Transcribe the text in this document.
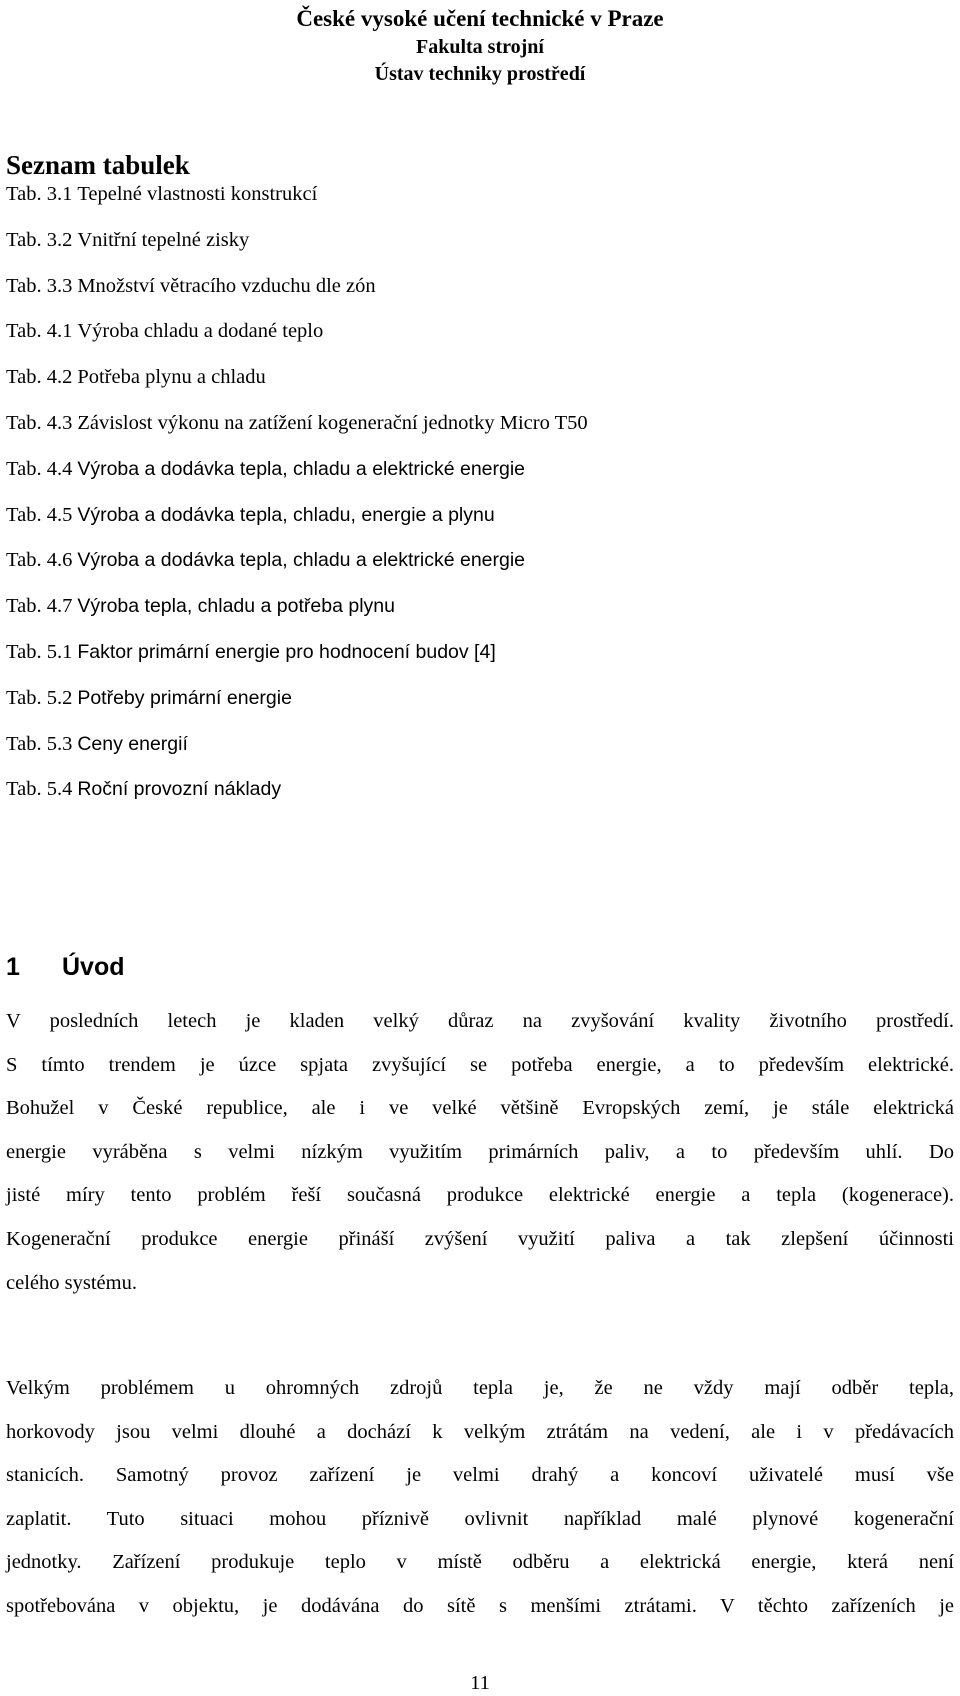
České vysoké učení technické v Praze
Fakulta strojní
Ústav techniky prostředí
Seznam tabulek
Tab. 3.1 Tepelné vlastnosti konstrukcí
Tab. 3.2 Vnitřní tepelné zisky
Tab. 3.3 Množství větracího vzduchu dle zón
Tab. 4.1 Výroba chladu a dodané teplo
Tab. 4.2 Potřeba plynu a chladu
Tab. 4.3 Závislost výkonu na zatížení kogenerační jednotky Micro T50
Tab. 4.4 Výroba a dodávka tepla, chladu a elektrické energie
Tab. 4.5 Výroba a dodávka tepla, chladu, energie a plynu
Tab. 4.6 Výroba a dodávka tepla, chladu a elektrické energie
Tab. 4.7 Výroba tepla, chladu a potřeba plynu
Tab. 5.1 Faktor primární energie pro hodnocení budov [4]
Tab. 5.2 Potřeby primární energie
Tab. 5.3 Ceny energií
Tab. 5.4 Roční provozní náklady
1 Úvod

V posledních letech je kladen velký důraz na zvyšování kvality životního prostředí.
S tímto trendem je úzce spjata zvyšující se potřeba energie, a to především elektrické.
Bohužel v České republice, ale i ve velké většině Evropských zemí, je stále elektrická
energie vyráběna s velmi nízkým využitím primárních paliv, a to především uhlí. Do
jisté míry tento problém řeší současná produkce elektrické energie a tepla (kogenerace).
Kogenerační produkce energie přináší zvýšení využití paliva a tak zlepšení účinnosti
celého systému.

Velkým problémem u ohromných zdrojů tepla je, že ne vždy mají odběr tepla,
horkovody jsou velmi dlouhé a dochází k velkým ztrátám na vedení, ale i v předávacích
stanicích. Samotný provoz zařízení je velmi drahý a koncoví uživatelé musí vše
zaplatit. Tuto situaci mohou příznivě ovlivnit například malé plynové kogenerační
jednotky. Zařízení produkuje teplo v místě odběru a elektrická energie, která není
spotřebována v objektu, je dodávána do sítě s menšími ztrátami. V těchto zařízeních je

11
